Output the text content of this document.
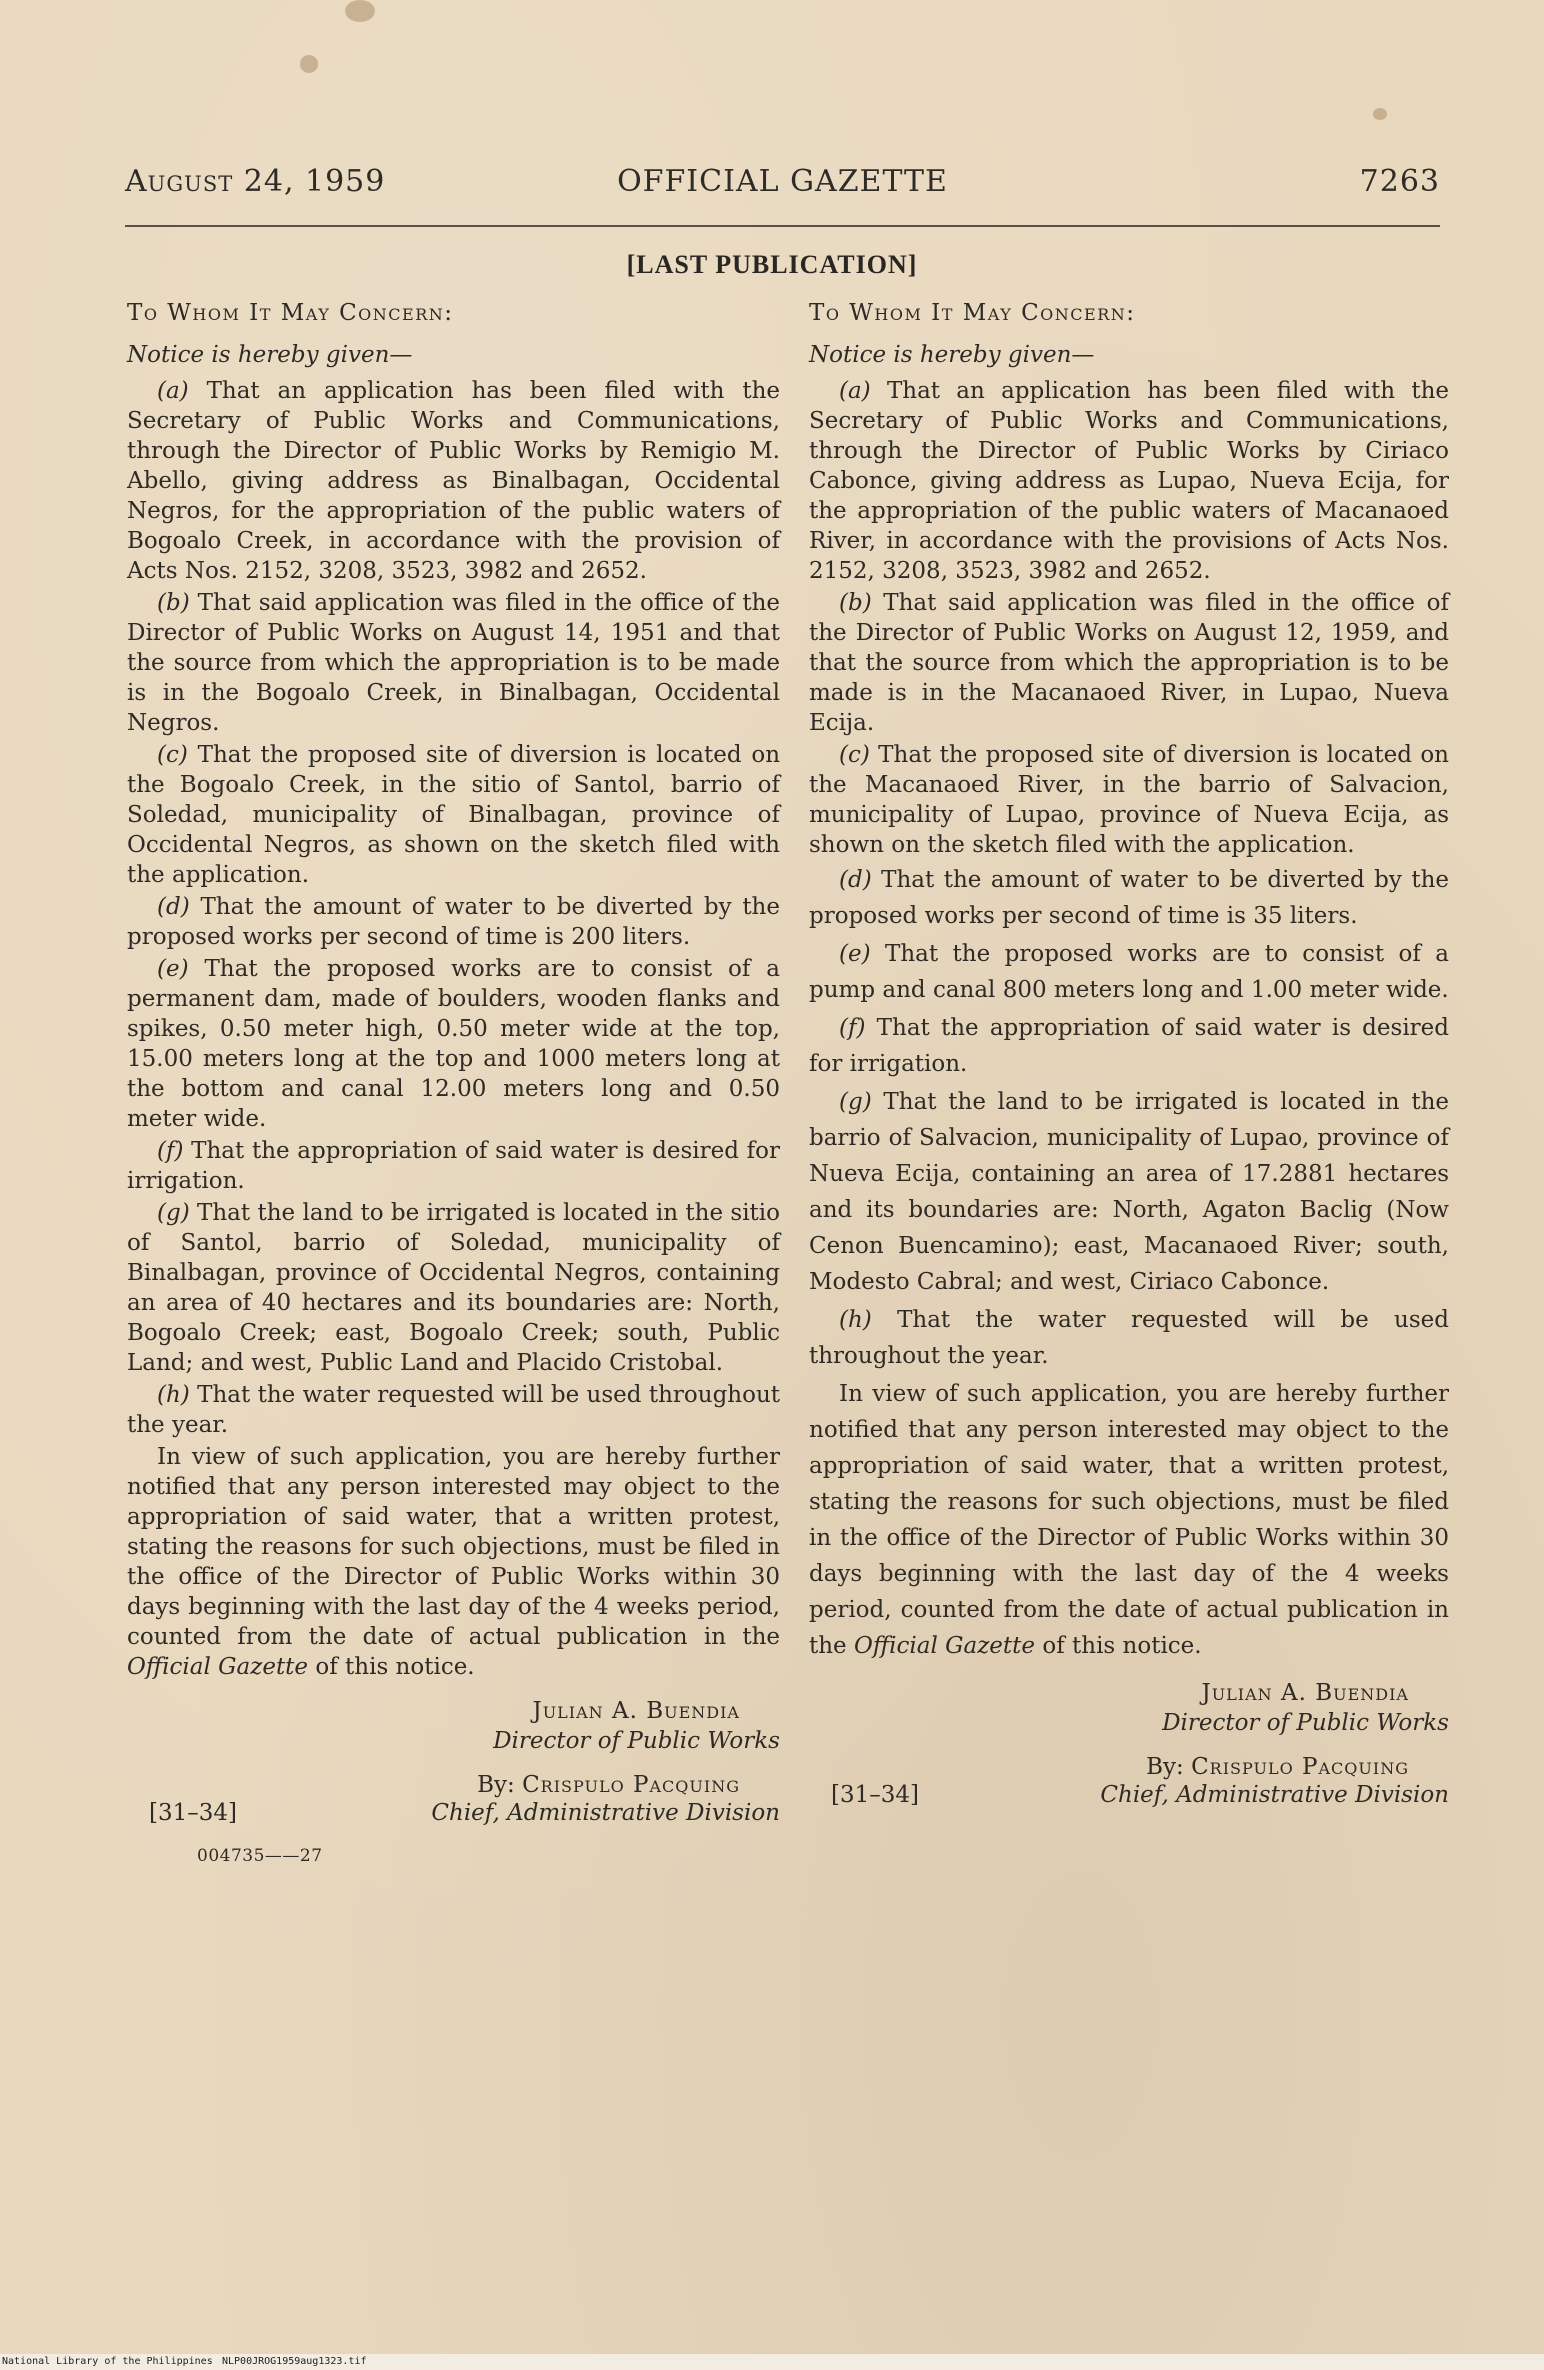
August 24, 1959	OFFICIAL GAZETTE	7263
[LAST PUBLICATION]
To Whom It May Concern:
Notice is hereby given—

(a) That an application has been filed with the Secretary of Public Works and Communications, through the Director of Public Works by Remigio M. Abello, giving address as Binalbagan, Occidental Negros, for the appropriation of the public waters of Bogoalo Creek, in accordance with the provision of Acts Nos. 2152, 3208, 3523, 3982 and 2652.

(b) That said application was filed in the office of the Director of Public Works on August 14, 1951 and that the source from which the appropriation is to be made is in the Bogoalo Creek, in Binalbagan, Occidental Negros.

(c) That the proposed site of diversion is located on the Bogoalo Creek, in the sitio of Santol, barrio of Soledad, municipality of Binalbagan, province of Occidental Negros, as shown on the sketch filed with the application.

(d) That the amount of water to be diverted by the proposed works per second of time is 200 liters.

(e) That the proposed works are to consist of a permanent dam, made of boulders, wooden flanks and spikes, 0.50 meter high, 0.50 meter wide at the top, 15.00 meters long at the top and 1000 meters long at the bottom and canal 12.00 meters long and 0.50 meter wide.

(f) That the appropriation of said water is desired for irrigation.

(g) That the land to be irrigated is located in the sitio of Santol, barrio of Soledad, municipality of Binalbagan, province of Occidental Negros, containing an area of 40 hectares and its boundaries are: North, Bogoalo Creek; east, Bogoalo Creek; south, Public Land; and west, Public Land and Placido Cristobal.

(h) That the water requested will be used throughout the year.

In view of such application, you are hereby further notified that any person interested may object to the appropriation of said water, that a written protest, stating the reasons for such objections, must be filed in the office of the Director of Public Works within 30 days beginning with the last day of the 4 weeks period, counted from the date of actual publication in the Official Gazette of this notice.

Julian A. Buendia
Director of Public Works
By: Crispulo Pacquing
[31–34]	Chief, Administrative Division
004735——27
To Whom It May Concern:
Notice is hereby given—

(a) That an application has been filed with the Secretary of Public Works and Communications, through the Director of Public Works by Ciriaco Cabonce, giving address as Lupao, Nueva Ecija, for the appropriation of the public waters of Macanaoed River, in accordance with the provisions of Acts Nos. 2152, 3208, 3523, 3982 and 2652.

(b) That said application was filed in the office of the Director of Public Works on August 12, 1959, and that the source from which the appropriation is to be made is in the Macanaoed River, in Lupao, Nueva Ecija.

(c) That the proposed site of diversion is located on the Macanaoed River, in the barrio of Salvacion, municipality of Lupao, province of Nueva Ecija, as shown on the sketch filed with the application.

(d) That the amount of water to be diverted by the proposed works per second of time is 35 liters.

(e) That the proposed works are to consist of a pump and canal 800 meters long and 1.00 meter wide.

(f) That the appropriation of said water is desired for irrigation.

(g) That the land to be irrigated is located in the barrio of Salvacion, municipality of Lupao, province of Nueva Ecija, containing an area of 17.2881 hectares and its boundaries are: North, Agaton Baclig (Now Cenon Buencamino); east, Macanaoed River; south, Modesto Cabral; and west, Ciriaco Cabonce.

(h) That the water requested will be used throughout the year.

In view of such application, you are hereby further notified that any person interested may object to the appropriation of said water, that a written protest, stating the reasons for such objections, must be filed in the office of the Director of Public Works within 30 days beginning with the last day of the 4 weeks period, counted from the date of actual publication in the Official Gazette of this notice.

Julian A. Buendia
Director of Public Works
By: Crispulo Pacquing
[31–34]	Chief, Administrative Division
National Library of the Philippines NLP00JROG1959aug1323.tif
